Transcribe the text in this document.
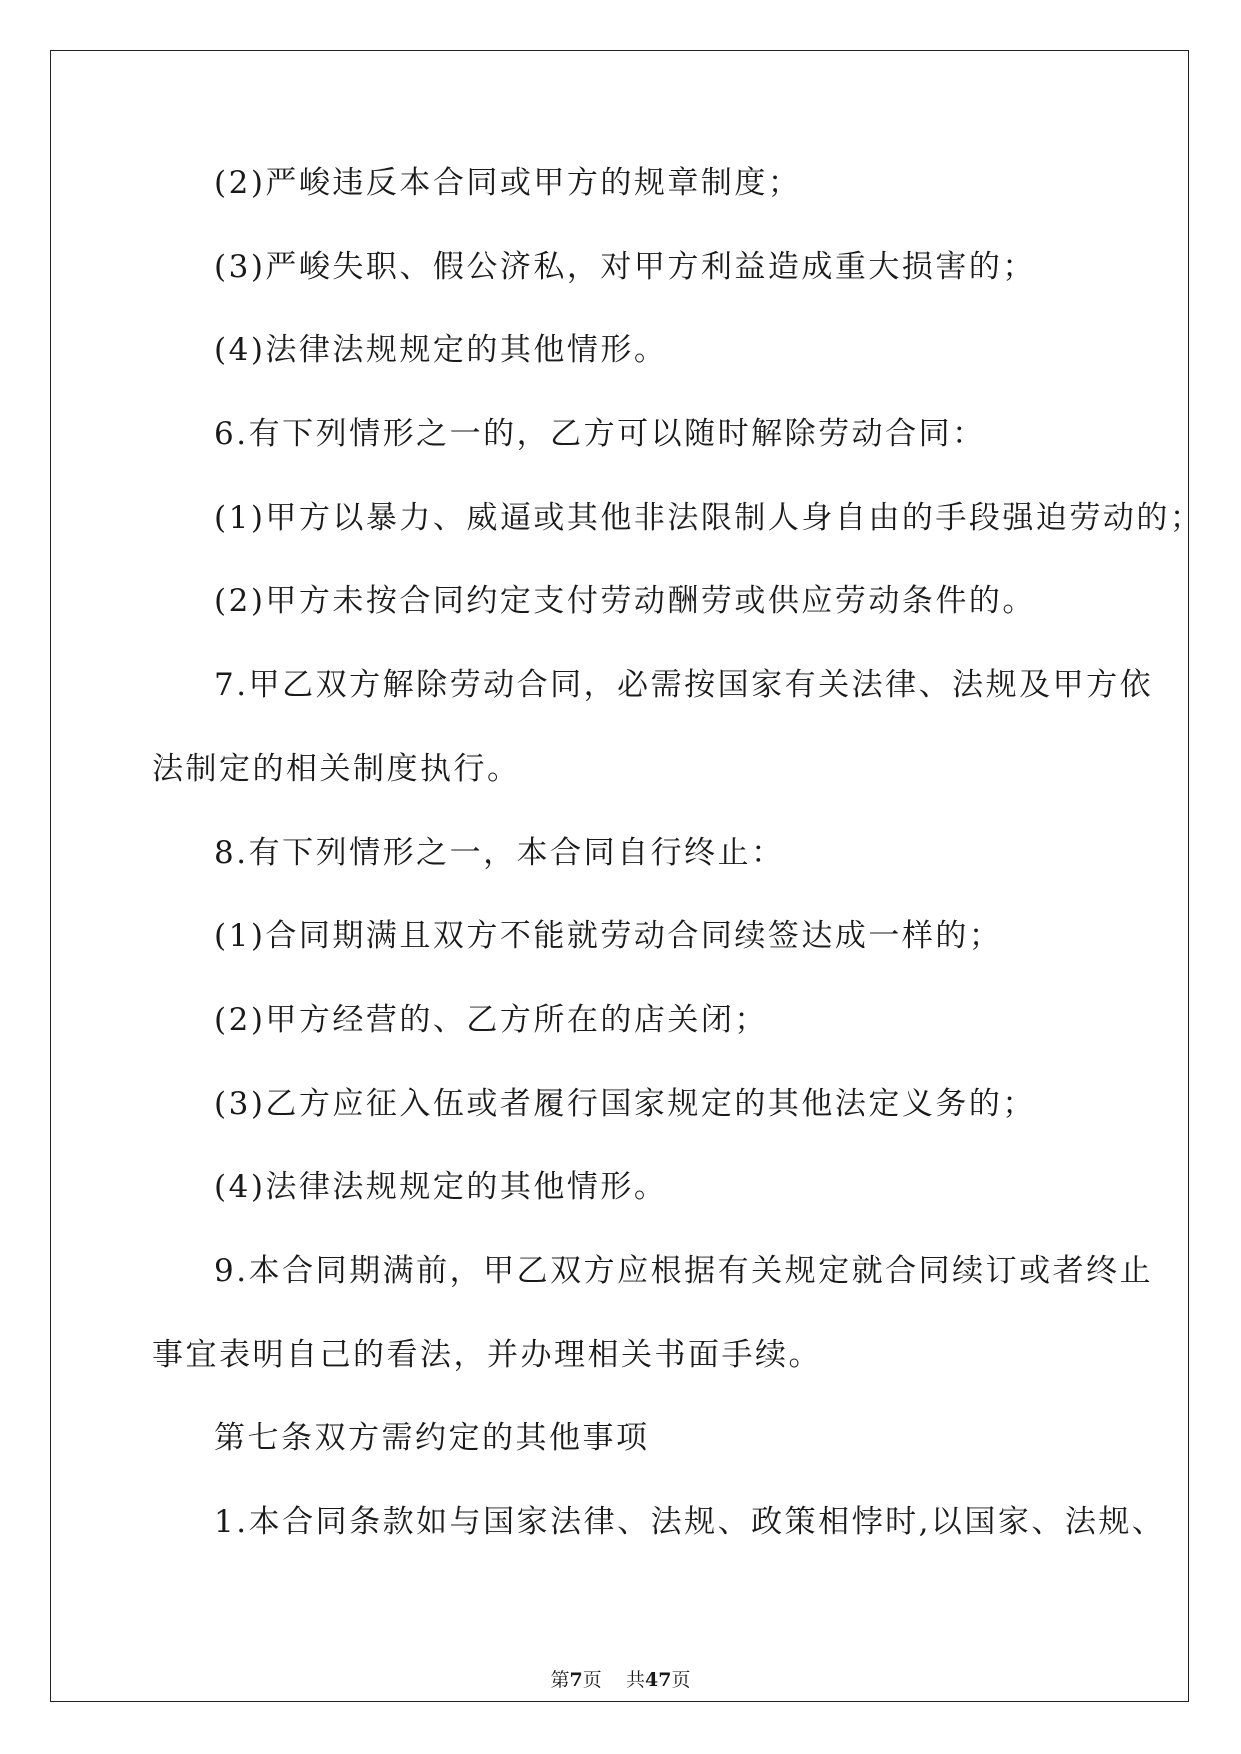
(2)严峻违反本合同或甲方的规章制度；

(3)严峻失职、假公济私，对甲方利益造成重大损害的；

(4)法律法规规定的其他情形。

6.有下列情形之一的，乙方可以随时解除劳动合同：

(1)甲方以暴力、威逼或其他非法限制人身自由的手段强迫劳动的；

(2)甲方未按合同约定支付劳动酬劳或供应劳动条件的。

7.甲乙双方解除劳动合同，必需按国家有关法律、法规及甲方依

法制定的相关制度执行。

8.有下列情形之一，本合同自行终止：

(1)合同期满且双方不能就劳动合同续签达成一样的；

(2)甲方经营的、乙方所在的店关闭；

(3)乙方应征入伍或者履行国家规定的其他法定义务的；

(4)法律法规规定的其他情形。

9.本合同期满前，甲乙双方应根据有关规定就合同续订或者终止

事宜表明自己的看法，并办理相关书面手续。

第七条双方需约定的其他事项

1.本合同条款如与国家法律、法规、政策相悖时,以国家、法规、

第7页 共47页
